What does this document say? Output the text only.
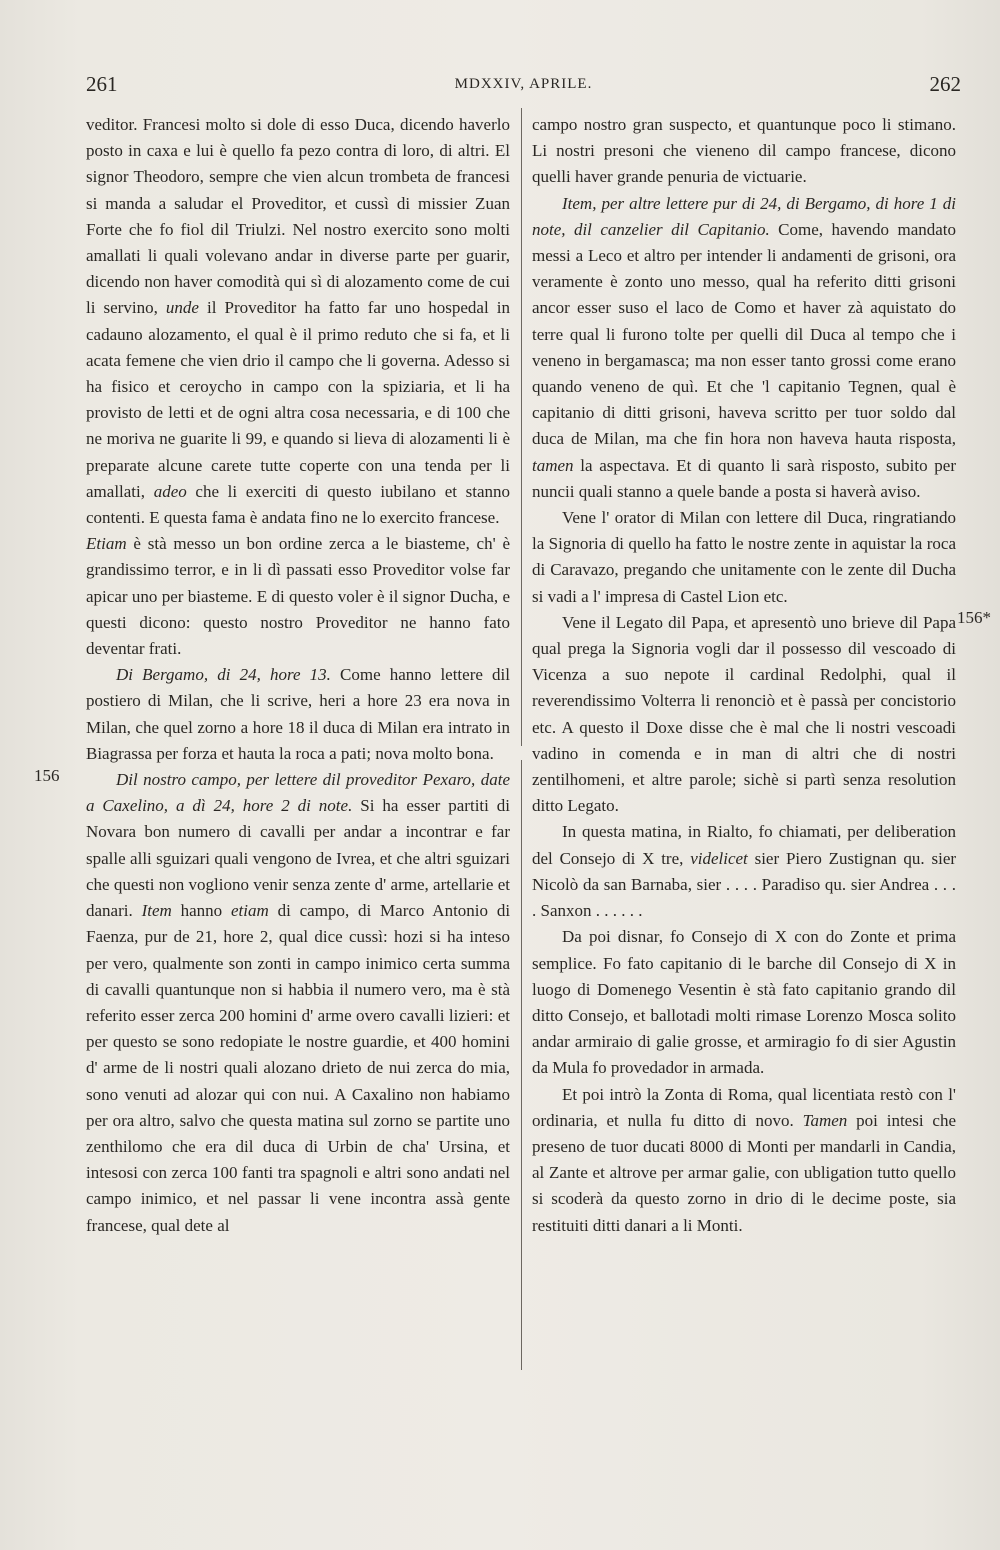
261	MDXXIV, APRILE.	262
156
156*

veditor. Francesi molto si dole di esso Duca, dicendo haverlo posto in caxa e lui è quello fa pezo contra di loro, di altri. El signor Theodoro, sempre che vien alcun trombeta de francesi si manda a saludar el Proveditor, et cussì di missier Zuan Forte che fo fiol dil Triulzi. Nel nostro exercito sono molti amallati li quali volevano andar in diverse parte per guarir, dicendo non haver comodità qui sì di alozamento come de cui li servino, unde il Proveditor ha fatto far uno hospedal in cadauno alozamento, el qual è il primo reduto che si fa, et li acata femene che vien drio il campo che li governa. Adesso si ha fisico et ceroycho in campo con la spiziaria, et li ha provisto de letti et de ogni altra cosa necessaria, e di 100 che ne moriva ne guarite li 99, e quando si lieva di alozamenti li è preparate alcune carete tutte coperte con una tenda per li amallati, adeo che li exerciti di questo iubilano et stanno contenti. E questa fama è andata fino ne lo exercito francese.

Etiam è stà messo un bon ordine zerca a le biasteme, ch' è grandissimo terror, e in li dì passati esso Proveditor volse far apicar uno per biasteme. E di questo voler è il signor Ducha, e questi dicono: questo nostro Proveditor ne hanno fato deventar frati.

Di Bergamo, di 24, hore 13. Come hanno lettere dil postiero di Milan, che li scrive, heri a hore 23 era nova in Milan, che quel zorno a hore 18 il duca di Milan era intrato in Biagrassa per forza et hauta la roca a pati; nova molto bona.

Dil nostro campo, per lettere dil proveditor Pexaro, date a Caxelino, a dì 24, hore 2 di note. Si ha esser partiti di Novara bon numero di cavalli per andar a incontrar e far spalle alli sguizari quali vengono de Ivrea, et che altri sguizari che questi non vogliono venir senza zente d' arme, artellarie et danari. Item hanno etiam di campo, di Marco Antonio di Faenza, pur de 21, hore 2, qual dice cussì: hozi si ha inteso per vero, qualmente son zonti in campo inimico certa summa di cavalli quantunque non si habbia il numero vero, ma è stà referito esser zerca 200 homini d' arme overo cavalli lizieri: et per questo se sono redopiate le nostre guardie, et 400 homini d' arme de li nostri quali alozano drieto de nui zerca do mia, sono venuti ad alozar qui con nui. A Caxalino non habiamo per ora altro, salvo che questa matina sul zorno se partite uno zenthilomo che era dil duca di Urbin de cha' Ursina, et intesosi con zerca 100 fanti tra spagnoli e altri sono andati nel campo inimico, et nel passar li vene incontra assà gente francese, qual dete al

campo nostro gran suspecto, et quantunque poco li stimano. Li nostri presoni che vieneno dil campo francese, dicono quelli haver grande penuria de victuarie.

Item, per altre lettere pur di 24, di Bergamo, di hore 1 di note, dil canzelier dil Capitanio. Come, havendo mandato messi a Leco et altro per intender li andamenti de grisoni, ora veramente è zonto uno messo, qual ha referito ditti grisoni ancor esser suso el laco de Como et haver zà aquistato do terre qual li furono tolte per quelli dil Duca al tempo che i veneno in bergamasca; ma non esser tanto grossi come erano quando veneno de quì. Et che 'l capitanio Tegnen, qual è capitanio di ditti grisoni, haveva scritto per tuor soldo dal duca de Milan, ma che fin hora non haveva hauta risposta, tamen la aspectava. Et di quanto li sarà risposto, subito per nuncii quali stanno a quele bande a posta si haverà aviso.

Vene l' orator di Milan con lettere dil Duca, ringratiando la Signoria di quello ha fatto le nostre zente in aquistar la roca di Caravazo, pregando che unitamente con le zente dil Ducha si vadi a l' impresa di Castel Lion etc.

Vene il Legato dil Papa, et apresentò uno brieve dil Papa qual prega la Signoria vogli dar il possesso dil vescoado di Vicenza a suo nepote il cardinal Redolphi, qual il reverendissimo Volterra li renonciò et è passà per concistorio etc. A questo il Doxe disse che è mal che li nostri vescoadi vadino in comenda e in man di altri che di nostri zentilhomeni, et altre parole; sichè si partì senza resolution ditto Legato.

In questa matina, in Rialto, fo chiamati, per deliberation del Consejo di X tre, videlicet sier Piero Zustignan qu. sier Nicolò da san Barnaba, sier . . . . Paradiso qu. sier Andrea . . . . Sanxon . . . . . .

Da poi disnar, fo Consejo di X con do Zonte et prima semplice. Fo fato capitanio di le barche dil Consejo di X in luogo di Domenego Vesentin è stà fato capitanio grando dil ditto Consejo, et ballotadi molti rimase Lorenzo Mosca solito andar armiraio di galie grosse, et armiragio fo di sier Agustin da Mula fo provedador in armada.

Et poi intrò la Zonta di Roma, qual licentiata restò con l' ordinaria, et nulla fu ditto di novo. Tamen poi intesi che preseno de tuor ducati 8000 di Monti per mandarli in Candia, al Zante et altrove per armar galie, con ubligation tutto quello si scoderà da questo zorno in drio di le decime poste, sia restituiti ditti danari a li Monti.
